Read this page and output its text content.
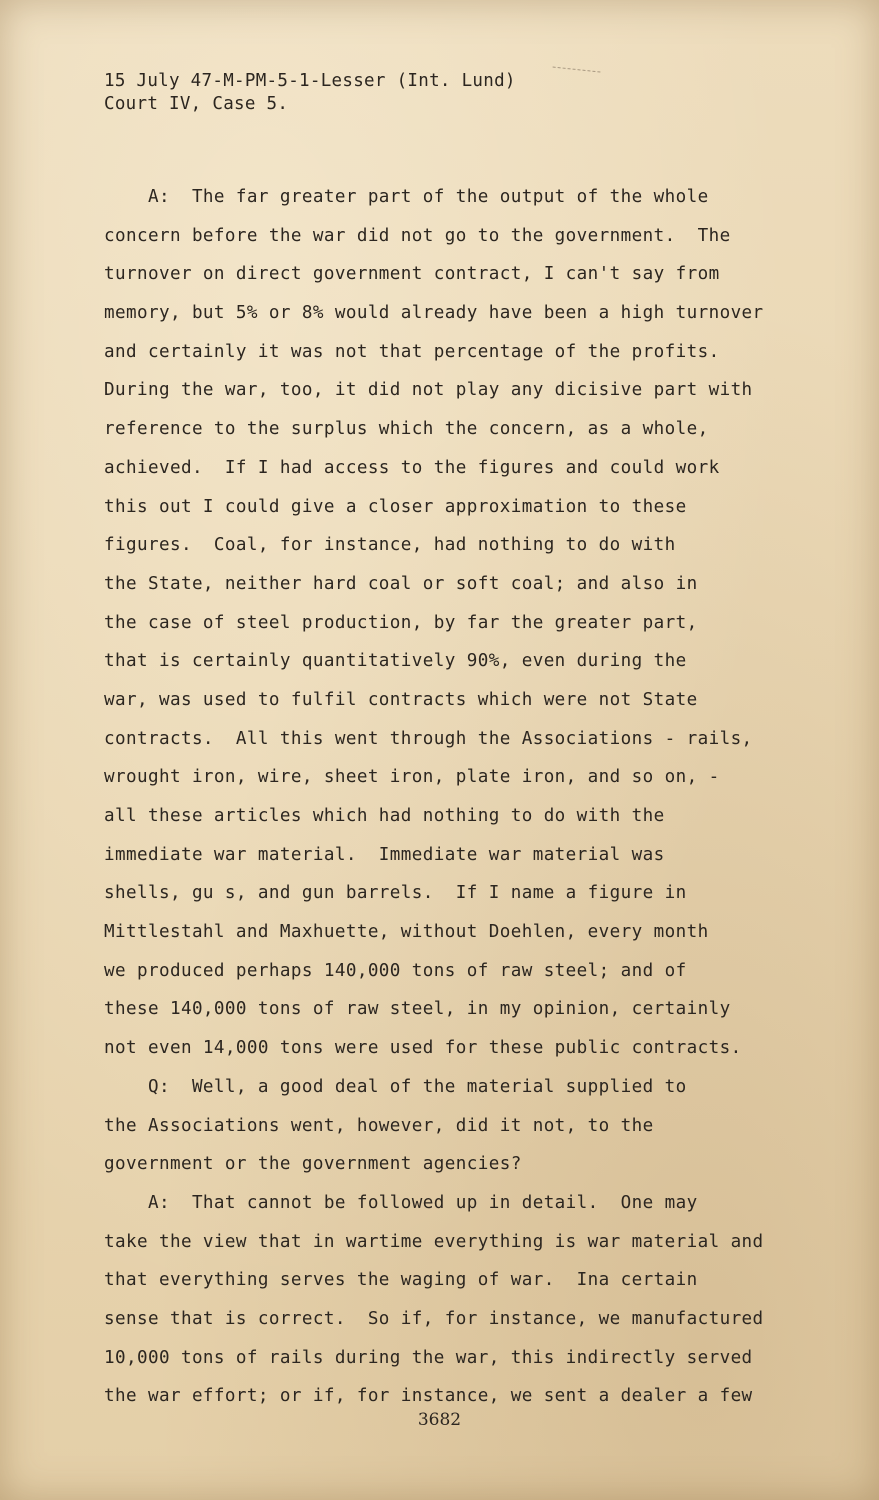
15 July 47-M-PM-5-1-Lesser (Int. Lund)
Court IV, Case 5.
A:  The far greater part of the output of the whole
concern before the war did not go to the government.  The
turnover on direct government contract, I can't say from
memory, but 5% or 8% would already have been a high turnover
and certainly it was not that percentage of the profits.
During the war, too, it did not play any dicisive part with
reference to the surplus which the concern, as a whole,
achieved.  If I had access to the figures and could work
this out I could give a closer approximation to these
figures.  Coal, for instance, had nothing to do with
the State, neither hard coal or soft coal; and also in
the case of steel production, by far the greater part,
that is certainly quantitatively 90%, even during the
war, was used to fulfil contracts which were not State
contracts.  All this went through the Associations - rails,
wrought iron, wire, sheet iron, plate iron, and so on, -
all these articles which had nothing to do with the
immediate war material.  Immediate war material was
shells, gu s, and gun barrels.  If I name a figure in
Mittlestahl and Maxhuette, without Doehlen, every month
we produced perhaps 140,000 tons of raw steel; and of
these 140,000 tons of raw steel, in my opinion, certainly
not even 14,000 tons were used for these public contracts.
Q:  Well, a good deal of the material supplied to
the Associations went, however, did it not, to the
government or the government agencies?
A:  That cannot be followed up in detail.  One may
take the view that in wartime everything is war material and
that everything serves the waging of war.  Ina certain
sense that is correct.  So if, for instance, we manufactured
10,000 tons of rails during the war, this indirectly served
the war effort; or if, for instance, we sent a dealer a few
3682
